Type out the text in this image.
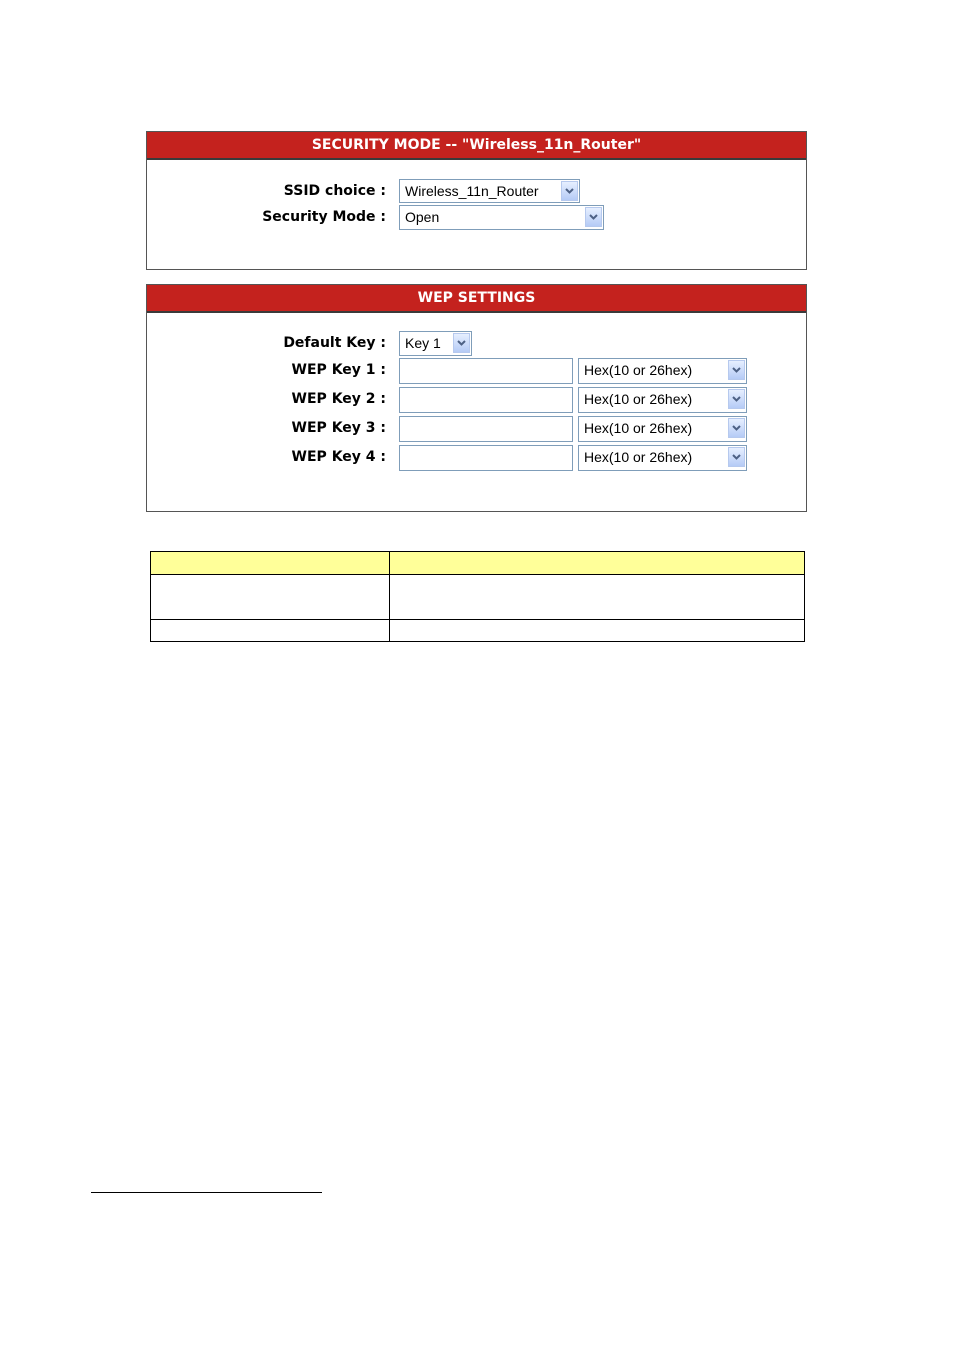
SECURITY MODE -- "Wireless_11n_Router"
SSID choice : Wireless_11n_Router
Security Mode : Open
WEP SETTINGS
Default Key : Key 1
WEP Key 1 :	Hex(10 or 26hex)
WEP Key 2 :	Hex(10 or 26hex)
WEP Key 3 :	Hex(10 or 26hex)
WEP Key 4 :	Hex(10 or 26hex)
